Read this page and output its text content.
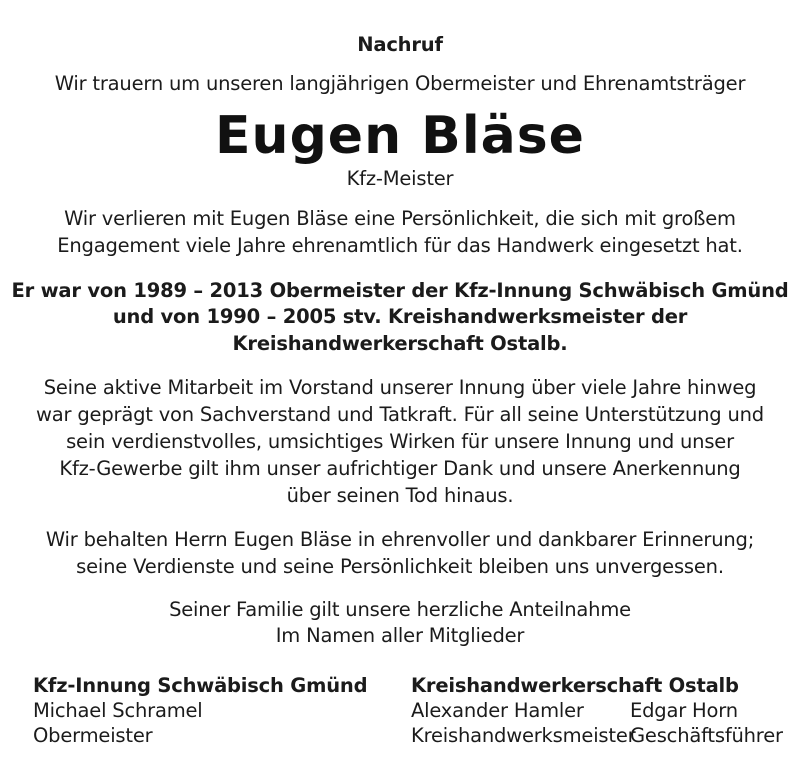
Nachruf
Wir trauern um unseren langjährigen Obermeister und Ehrenamtsträger
Eugen Bläse
Kfz-Meister
Wir verlieren mit Eugen Bläse eine Persönlichkeit, die sich mit großem
Engagement viele Jahre ehrenamtlich für das Handwerk eingesetzt hat.
Er war von 1989 – 2013 Obermeister der Kfz-Innung Schwäbisch Gmünd
und von 1990 – 2005 stv. Kreishandwerksmeister der
Kreishandwerkerschaft Ostalb.
Seine aktive Mitarbeit im Vorstand unserer Innung über viele Jahre hinweg
war geprägt von Sachverstand und Tatkraft. Für all seine Unterstützung und
sein verdienstvolles, umsichtiges Wirken für unsere Innung und unser
Kfz-Gewerbe gilt ihm unser aufrichtiger Dank und unsere Anerkennung
über seinen Tod hinaus.
Wir behalten Herrn Eugen Bläse in ehrenvoller und dankbarer Erinnerung;
seine Verdienste und seine Persönlichkeit bleiben uns unvergessen.
Seiner Familie gilt unsere herzliche Anteilnahme
Im Namen aller Mitglieder
Kfz-Innung Schwäbisch Gmünd
Michael Schramel
Obermeister
Kreishandwerkerschaft Ostalb
Alexander Hamler
Kreishandwerksmeister
Edgar Horn
Geschäftsführer
